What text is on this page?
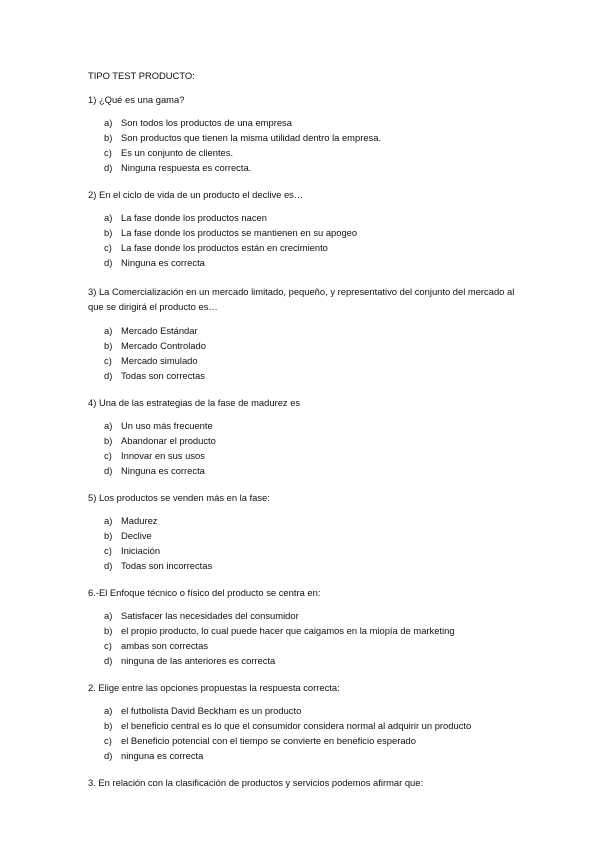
TIPO TEST PRODUCTO:
1) ¿Qué es una gama?
a) Son todos los productos de una empresa
b) Son productos que tienen la misma utilidad dentro la empresa.
c) Es un conjunto de clientes.
d) Ninguna respuesta es correcta.
2) En el ciclo de vida de un producto el declive es…
a) La fase donde los productos nacen
b) La fase donde los productos se mantienen en su apogeo
c) La fase donde los productos están en crecimiento
d) Ninguna es correcta
3) La Comercialización en un mercado limitado, pequeño, y representativo del conjunto del mercado al que se dirigirá el producto es…
a) Mercado Estándar
b) Mercado Controlado
c) Mercado simulado
d) Todas son correctas
4) Una de las estrategias de la fase de madurez es
a) Un uso más frecuente
b) Abandonar el producto
c) Innovar en sus usos
d) Ninguna es correcta
5) Los productos se venden más en la fase:
a) Madurez
b) Declive
c) Iniciación
d) Todas son incorrectas
6.-El Enfoque técnico o físico del producto se centra en:
a) Satisfacer las necesidades del consumidor
b) el propio producto, lo cual puede hacer que caigamos en la miopía de marketing
c) ambas son correctas
d) ninguna de las anteriores es correcta
2. Elige entre las opciones propuestas la respuesta correcta:
a) el futbolista David Beckham es un producto
b) el beneficio central es lo que el consumidor considera normal al adquirir un producto
c) el Beneficio potencial con el tiempo se convierte en beneficio esperado
d) ninguna es correcta
3. En relación con la clasificación de productos y servicios podemos afirmar que:
